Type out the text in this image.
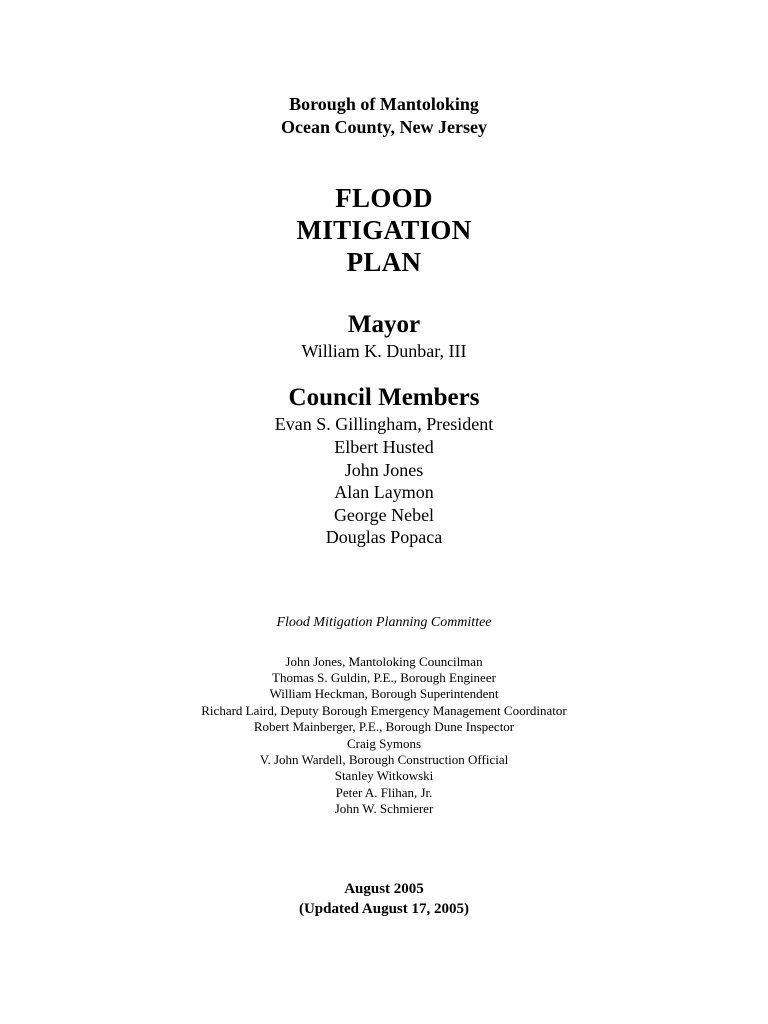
Borough of Mantoloking
Ocean County, New Jersey
FLOOD
MITIGATION
PLAN
Mayor
William K. Dunbar, III
Council Members
Evan S. Gillingham, President
Elbert Husted
John Jones
Alan Laymon
George Nebel
Douglas Popaca
Flood Mitigation Planning Committee
John Jones, Mantoloking Councilman
Thomas S. Guldin, P.E., Borough Engineer
William Heckman, Borough Superintendent
Richard Laird, Deputy Borough Emergency Management Coordinator
Robert Mainberger, P.E., Borough Dune Inspector
Craig Symons
V. John Wardell, Borough Construction Official
Stanley Witkowski
Peter A. Flihan, Jr.
John W. Schmierer
August 2005
(Updated August 17, 2005)
